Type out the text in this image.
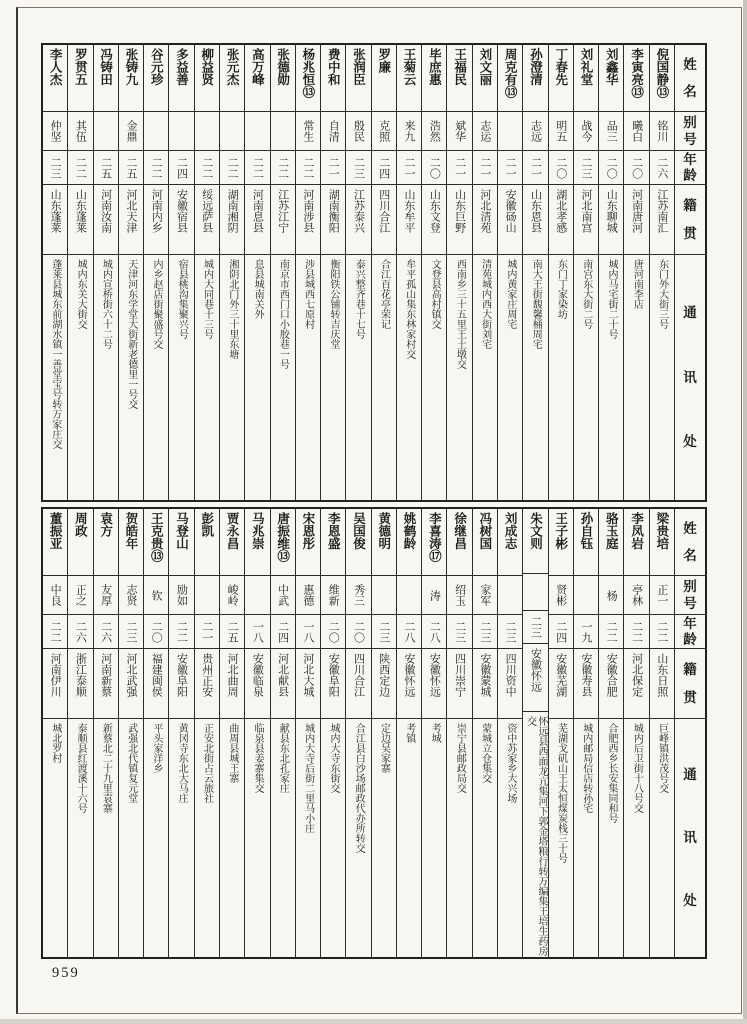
姓
名
别
号
年
龄
籍
贯
通
讯
处
倪国静⑬
铭川
二六
江苏南汇
东门外大街三号
李寅亮⑬
曦白
二〇
河南唐河
唐河南李店
刘鑫华
品三
二〇
山东聊城
城内马宅街二十号
刘礼堂
战今
二三
河北南宫
南宫东大街二号
丁春先
明五
二〇
湖北孝感
东门丁家染坊
孙澄清
志远
二一
山东恩县
南大王街馥馨桶周宅
周克有⑬
二一
安徽砀山
城内黄家庄周宅
刘文丽
志运
二一
河北清苑
清苑城内西大街刘宅
王福民
斌华
二一
山东巨野
西南乡三十五里王土墩交
毕庶惠
浩然
二〇
山东文登
文登县高村镇交
王菊云
来九
二一
山东牟平
牟平孤山集东林家村交
罗廉
克照
二四
四川合江
合江百花亭荣记
张润臣
殷民
二三
江苏泰兴
泰兴整齐巷十七号
费中和
自清
二一
湖南衡阳
衡阳铁公铺转吉庆堂
杨兆恒⑬
常生
二二
河南涉县
涉县城西七原村
张德勋
二二
江苏江宁
南京市西门口小胶巷一号
高万峰
二二
河南息县
息县城南关外
张元杰
二二
湖南湘阴
湘阴北门外三十里东塘
柳益贤
二二
绥远萨县
城内大同巷十三号
多益善
二四
安徽宿县
宿县桃沟集聚兴号
谷元珍
二二
河南内乡
内乡赵店街聚盛号交
张铸九
金鼎
二五
河北天津
天津河东学堂大街新老德里一号交
冯铸田
二五
河南汝南
城内宣桥街六十二号
罗贯五
其伍
二二
山东蓬莱
城内东关大街交
李人杰
仲坚
二三
山东蓬莱
蓬莱县城东前湖水镇一善堂宝号转万家庄交
姓
名
别
号
年
龄
籍
贯
通
讯
处
梁贵培
正一
二二
山东日照
巨峰镇洪茂号交
李凤岩
亭林
二二
河北保定
城内后卫街十八号交
骆玉庭
杨
二二
安徽合肥
合肥西乡长安集同和号
孙自钰
一九
安徽寿县
城内邮局信店转孙宅
王子彬
贤彬
二四
安徽芜湖
芜湖戈矶山王太恒煤炭栈三十号
朱文则
二三
安徽怀远
怀远县西面龙亢集河下郭金塔粮行转万编集王培生药房交
刘成志
二三
四川资中
资中苏家乡大兴场
冯树国
家军
二三
安徽蒙城
蒙城立仓集交
徐继昌
绍玉
二三
四川崇宁
崇宁县邮政局交
李喜涛⑰
涛
二八
安徽怀远
考城
姚鹤龄
二八
安徽怀远
考镇
黄德明
二三
陕西定边
定边吴家寨
吴国俊
秀三
二〇
四川合江
合江县白沙场邮政代办所转交
李恩盛
维新
二〇
安徽阜阳
城内大寺东街交
宋恩彤
惠德
一八
河北大城
城内大寺后街二里马小庄
唐振维⑬
中武
二四
河北献县
献县东北孔家庄
马兆崇
一八
安徽临泉
临泉县姜寨集交
贾永昌
峻岭
二五
河北曲周
曲周县城王寨
彭凯
二一
贵州正安
正安北街占云旅社
马登山
励如
二二
安徽阜阳
黄冈寺东北大马庄
王克贵⑬
钦
二〇
福建闽侯
平头家洋乡
贺皓年
志贤
二三
河北武强
武强北代镇复元堂
袁方
友厚
二六
河南新蔡
新蔡北二十九里袁寨
周政
正之
二六
浙江泰顺
泰顺县红渡溪十六号
董振亚
中良
二二
河南伊川
城北罗村
959
